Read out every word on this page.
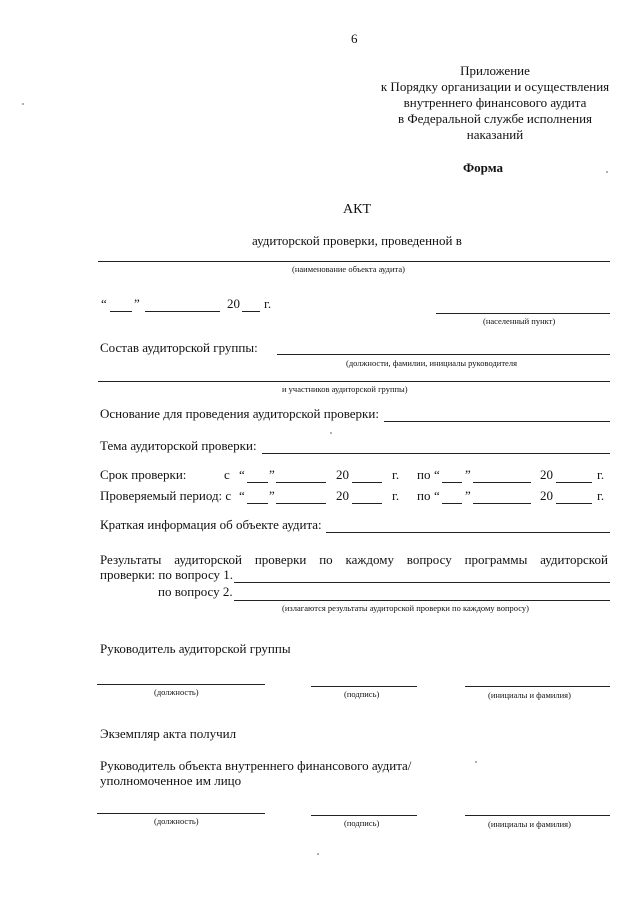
6
Приложение
к Порядку организации и осуществления
внутреннего финансового аудита
в Федеральной службе исполнения
наказаний
Форма
АКТ
аудиторской проверки, проведенной в
(наименование объекта аудита)
“ ”	20 г.
(населенный пункт)
Состав аудиторской группы:
(должности, фамилии, инициалы руководителя
и участников аудиторской группы)
Основание для проведения аудиторской проверки:
Тема аудиторской проверки:
Срок проверки:	с “ ”	20	г. по “ ”	20	г.
Проверяемый период: с “ ”	20	г. по “ ”	20	г.
Краткая информация об объекте аудита:
Результаты аудиторской проверки по каждому вопросу программы аудиторской
проверки: по вопросу 1.
по вопросу 2.
(излагаются результаты аудиторской проверки по каждому вопросу)
Руководитель аудиторской группы
(должность)	(подпись)	(инициалы и фамилия)
Экземпляр акта получил
Руководитель объекта внутреннего финансового аудита/
уполномоченное им лицо
(должность)	(подпись)	(инициалы и фамилия)
